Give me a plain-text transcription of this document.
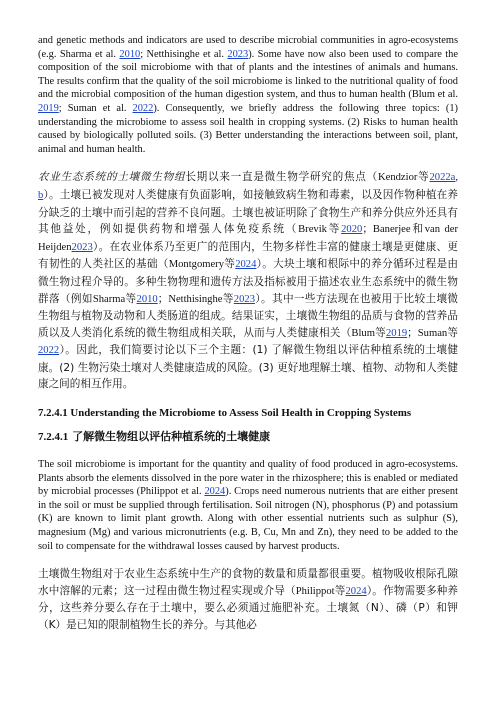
and genetic methods and indicators are used to describe microbial communities in agro-ecosystems (e.g. Sharma et al. 2010; Netthisinghe et al. 2023). Some have now also been used to compare the composition of the soil microbiome with that of plants and the intestines of animals and humans. The results confirm that the quality of the soil microbiome is linked to the nutritional quality of food and the microbial composition of the human digestion system, and thus to human health (Blum et al. 2019; Suman et al. 2022). Consequently, we briefly address the following three topics: (1) understanding the microbiome to assess soil health in cropping systems. (2) Risks to human health caused by biologically polluted soils. (3) Better understanding the interactions between soil, plant, animal and human health.

农业生态系统的土壤微生物组长期以来一直是微生物学研究的焦点（Kendzior等2022a, b）。土壤已被发现对人类健康有负面影响，如接触致病生物和毒素，以及因作物种植在养分缺乏的土壤中而引起的营养不良问题。土壤也被证明除了食物生产和养分供应外还具有其他益处，例如提供药物和增强人体免疫系统（Brevik等2020；Banerjee和van der Heijden2023）。在农业体系乃至更广的范围内，生物多样性丰富的健康土壤是更健康、更有韧性的人类社区的基础（Montgomery等2024）。大块土壤和根际中的养分循环过程是由微生物过程介导的。多种生物物理和遗传方法及指标被用于描述农业生态系统中的微生物群落（例如Sharma等2010；Netthisinghe等2023）。其中一些方法现在也被用于比较土壤微生物组与植物及动物和人类肠道的组成。结果证实，土壤微生物组的品质与食物的营养品质以及人类消化系统的微生物组成相关联，从而与人类健康相关（Blum等2019；Suman等2022）。因此，我们简要讨论以下三个主题：(1) 了解微生物组以评估种植系统的土壤健康。(2) 生物污染土壤对人类健康造成的风险。(3) 更好地理解土壤、植物、动物和人类健康之间的相互作用。

7.2.4.1 Understanding the Microbiome to Assess Soil Health in Cropping Systems

7.2.4.1 了解微生物组以评估种植系统的土壤健康

The soil microbiome is important for the quantity and quality of food produced in agro-ecosystems. Plants absorb the elements dissolved in the pore water in the rhizosphere; this is enabled or mediated by microbial processes (Philippot et al. 2024). Crops need numerous nutrients that are either present in the soil or must be supplied through fertilisation. Soil nitrogen (N), phosphorus (P) and potassium (K) are known to limit plant growth. Along with other essential nutrients such as sulphur (S), magnesium (Mg) and various micronutrients (e.g. B, Cu, Mn and Zn), they need to be added to the soil to compensate for the withdrawal losses caused by harvest products.

土壤微生物组对于农业生态系统中生产的食物的数量和质量都很重要。植物吸收根际孔隙水中溶解的元素；这一过程由微生物过程实现或介导（Philippot等2024）。作物需要多种养分，这些养分要么存在于土壤中，要么必须通过施肥补充。土壤氮（N）、磷（P）和钾（K）是已知的限制植物生长的养分。与其他必
